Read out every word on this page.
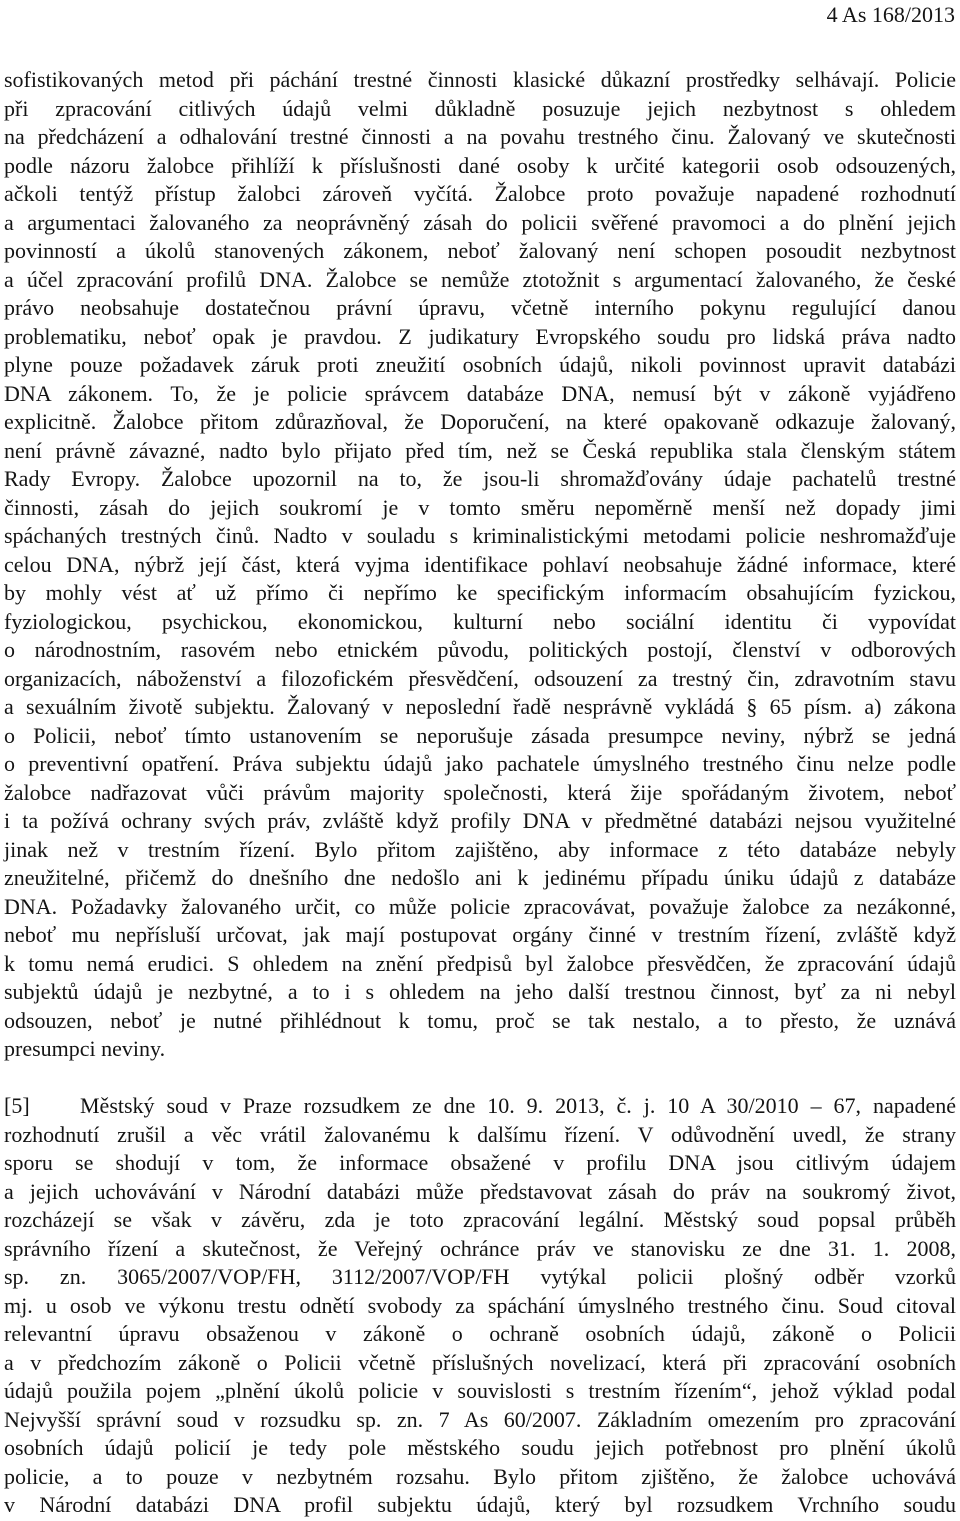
4 As 168/2013
sofistikovaných metod při páchání trestné činnosti klasické důkazní prostředky selhávají. Policie
při zpracování citlivých údajů velmi důkladně posuzuje jejich nezbytnost s ohledem
na předcházení a odhalování trestné činnosti a na povahu trestného činu. Žalovaný ve skutečnosti
podle názoru žalobce přihlíží k příslušnosti dané osoby k určité kategorii osob odsouzených,
ačkoli tentýž přístup žalobci zároveň vyčítá. Žalobce proto považuje napadené rozhodnutí
a argumentaci žalovaného za neoprávněný zásah do policii svěřené pravomoci a do plnění jejich
povinností a úkolů stanovených zákonem, neboť žalovaný není schopen posoudit nezbytnost
a účel zpracování profilů DNA. Žalobce se nemůže ztotožnit s argumentací žalovaného, že české
právo neobsahuje dostatečnou právní úpravu, včetně interního pokynu regulující danou
problematiku, neboť opak je pravdou. Z judikatury Evropského soudu pro lidská práva nadto
plyne pouze požadavek záruk proti zneužití osobních údajů, nikoli povinnost upravit databázi
DNA zákonem. To, že je policie správcem databáze DNA, nemusí být v zákoně vyjádřeno
explicitně. Žalobce přitom zdůrazňoval, že Doporučení, na které opakovaně odkazuje žalovaný,
není právně závazné, nadto bylo přijato před tím, než se Česká republika stala členským státem
Rady Evropy. Žalobce upozornil na to, že jsou-li shromažďovány údaje pachatelů trestné
činnosti, zásah do jejich soukromí je v tomto směru nepoměrně menší než dopady jimi
spáchaných trestných činů. Nadto v souladu s kriminalistickými metodami policie neshromažďuje
celou DNA, nýbrž její část, která vyjma identifikace pohlaví neobsahuje žádné informace, které
by mohly vést ať už přímo či nepřímo ke specifickým informacím obsahujícím fyzickou,
fyziologickou, psychickou, ekonomickou, kulturní nebo sociální identitu či vypovídat
o národnostním, rasovém nebo etnickém původu, politických postojí, členství v odborových
organizacích, náboženství a filozofickém přesvědčení, odsouzení za trestný čin, zdravotním stavu
a sexuálním životě subjektu. Žalovaný v neposlední řadě nesprávně vykládá § 65 písm. a) zákona
o Policii, neboť tímto ustanovením se neporušuje zásada presumpce neviny, nýbrž se jedná
o preventivní opatření. Práva subjektu údajů jako pachatele úmyslného trestného činu nelze podle
žalobce nadřazovat vůči právům majority společnosti, která žije spořádaným životem, neboť
i ta požívá ochrany svých práv, zvláště když profily DNA v předmětné databázi nejsou využitelné
jinak než v trestním řízení. Bylo přitom zajištěno, aby informace z této databáze nebyly
zneužitelné, přičemž do dnešního dne nedošlo ani k jedinému případu úniku údajů z databáze
DNA. Požadavky žalovaného určit, co může policie zpracovávat, považuje žalobce za nezákonné,
neboť mu nepřísluší určovat, jak mají postupovat orgány činné v trestním řízení, zvláště když
k tomu nemá erudici. S ohledem na znění předpisů byl žalobce přesvědčen, že zpracování údajů
subjektů údajů je nezbytné, a to i s ohledem na jeho další trestnou činnost, byť za ni nebyl
odsouzen, neboť je nutné přihlédnout k tomu, proč se tak nestalo, a to přesto, že uznává
presumpci neviny.
[5]	Městský soud v Praze rozsudkem ze dne 10. 9. 2013, č. j. 10 A 30/2010 – 67, napadené
rozhodnutí zrušil a věc vrátil žalovanému k dalšímu řízení. V odůvodnění uvedl, že strany
sporu se shodují v tom, že informace obsažené v profilu DNA jsou citlivým údajem
a jejich uchovávání v Národní databázi může představovat zásah do práv na soukromý život,
rozcházejí se však v závěru, zda je toto zpracování legální. Městský soud popsal průběh
správního řízení a skutečnost, že Veřejný ochránce práv ve stanovisku ze dne 31. 1. 2008,
sp. zn. 3065/2007/VOP/FH, 3112/2007/VOP/FH vytýkal policii plošný odběr vzorků
mj. u osob ve výkonu trestu odnětí svobody za spáchání úmyslného trestného činu. Soud citoval
relevantní úpravu obsaženou v zákoně o ochraně osobních údajů, zákoně o Policii
a v předchozím zákoně o Policii včetně příslušných novelizací, která při zpracování osobních
údajů použila pojem „plnění úkolů policie v souvislosti s trestním řízením“, jehož výklad podal
Nejvyšší správní soud v rozsudku sp. zn. 7 As 60/2007. Základním omezením pro zpracování
osobních údajů policií je tedy pole městského soudu jejich potřebnost pro plnění úkolů
policie, a to pouze v nezbytném rozsahu. Bylo přitom zjištěno, že žalobce uchovává
v Národní databázi DNA profil subjektu údajů, který byl rozsudkem Vrchního soudu
